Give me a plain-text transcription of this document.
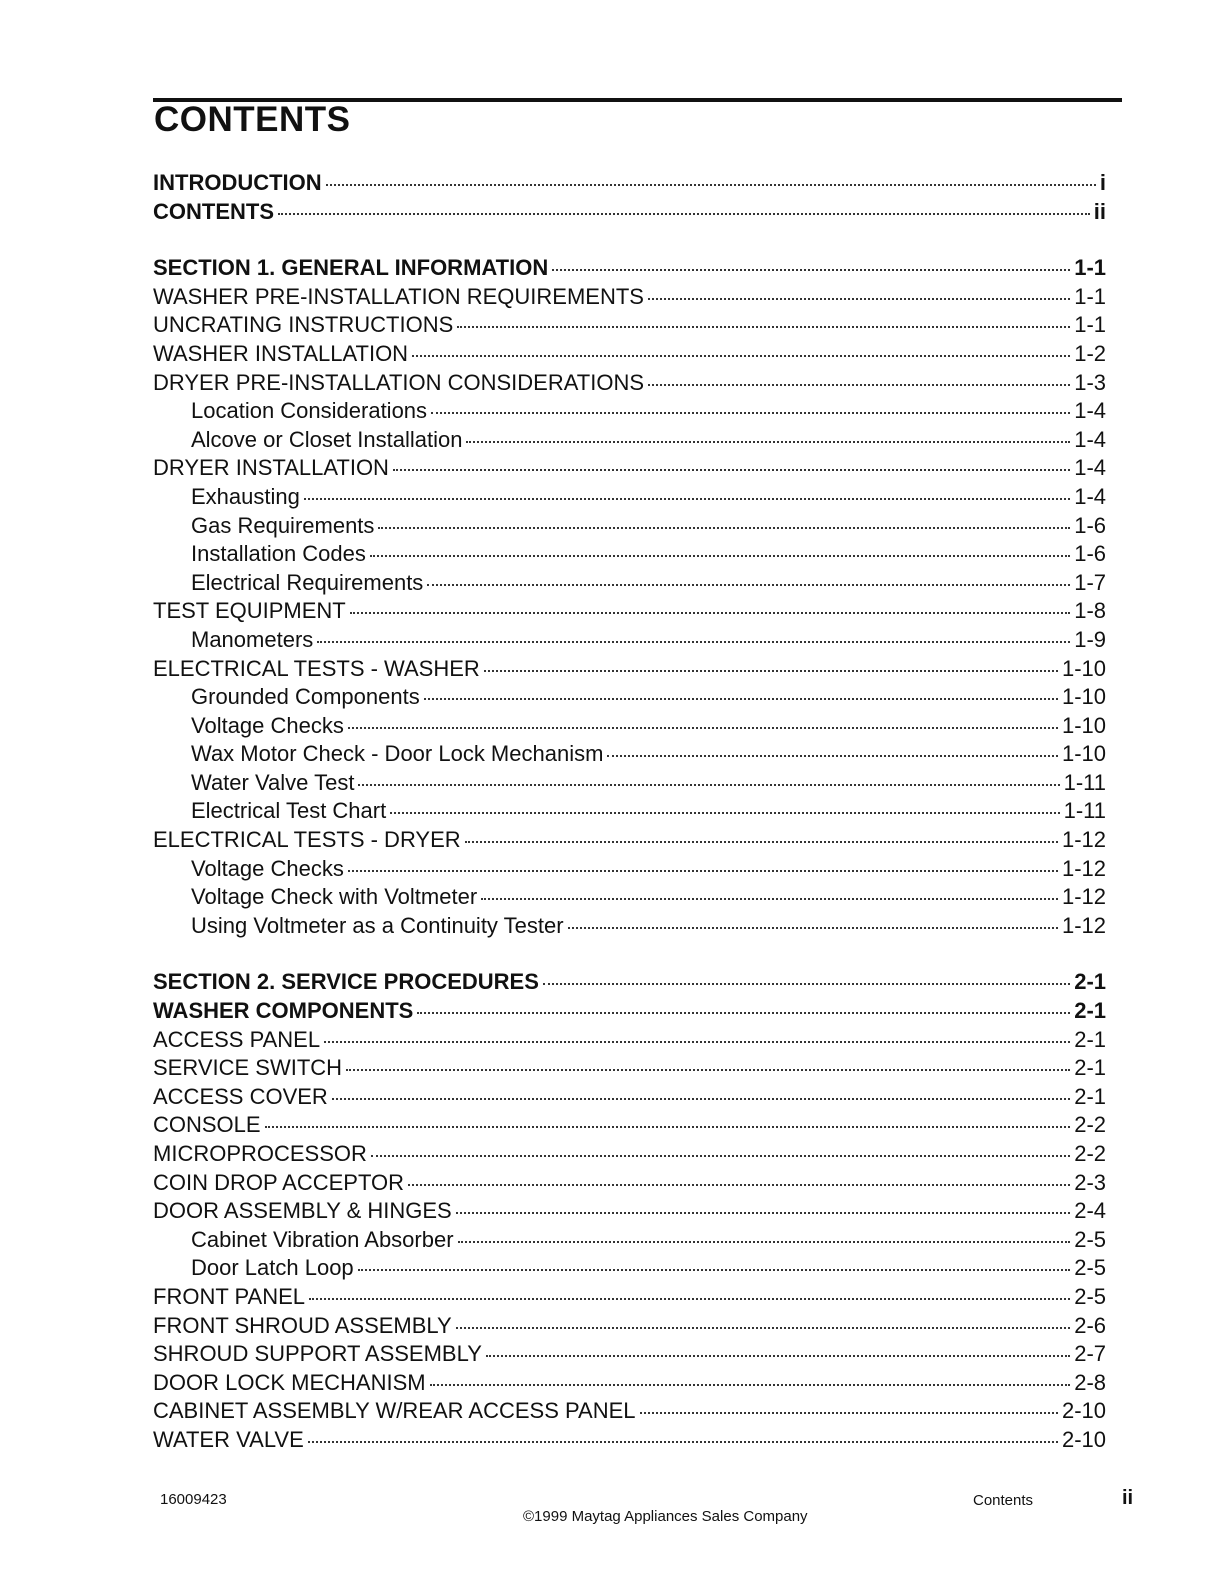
CONTENTS
INTRODUCTION	i
CONTENTS	ii
SECTION 1. GENERAL INFORMATION	1-1
WASHER PRE-INSTALLATION REQUIREMENTS	1-1
UNCRATING INSTRUCTIONS	1-1
WASHER INSTALLATION	1-2
DRYER PRE-INSTALLATION CONSIDERATIONS	1-3
Location Considerations	1-4
Alcove or Closet Installation	1-4
DRYER INSTALLATION	1-4
Exhausting	1-4
Gas Requirements	1-6
Installation Codes	1-6
Electrical Requirements	1-7
TEST EQUIPMENT	1-8
Manometers	1-9
ELECTRICAL TESTS - WASHER	1-10
Grounded Components	1-10
Voltage Checks	1-10
Wax Motor Check - Door Lock Mechanism	1-10
Water Valve Test	1-11
Electrical Test Chart	1-11
ELECTRICAL TESTS - DRYER	1-12
Voltage Checks	1-12
Voltage Check with Voltmeter	1-12
Using Voltmeter as a Continuity Tester	1-12
SECTION 2. SERVICE PROCEDURES	2-1
WASHER COMPONENTS	2-1
ACCESS PANEL	2-1
SERVICE SWITCH	2-1
ACCESS COVER	2-1
CONSOLE	2-2
MICROPROCESSOR	2-2
COIN DROP ACCEPTOR	2-3
DOOR ASSEMBLY & HINGES	2-4
Cabinet Vibration Absorber	2-5
Door Latch Loop	2-5
FRONT PANEL	2-5
FRONT SHROUD ASSEMBLY	2-6
SHROUD SUPPORT ASSEMBLY	2-7
DOOR LOCK MECHANISM	2-8
CABINET ASSEMBLY W/REAR ACCESS PANEL	2-10
WATER VALVE	2-10
16009423
©1999 Maytag Appliances Sales Company
Contents	ii
